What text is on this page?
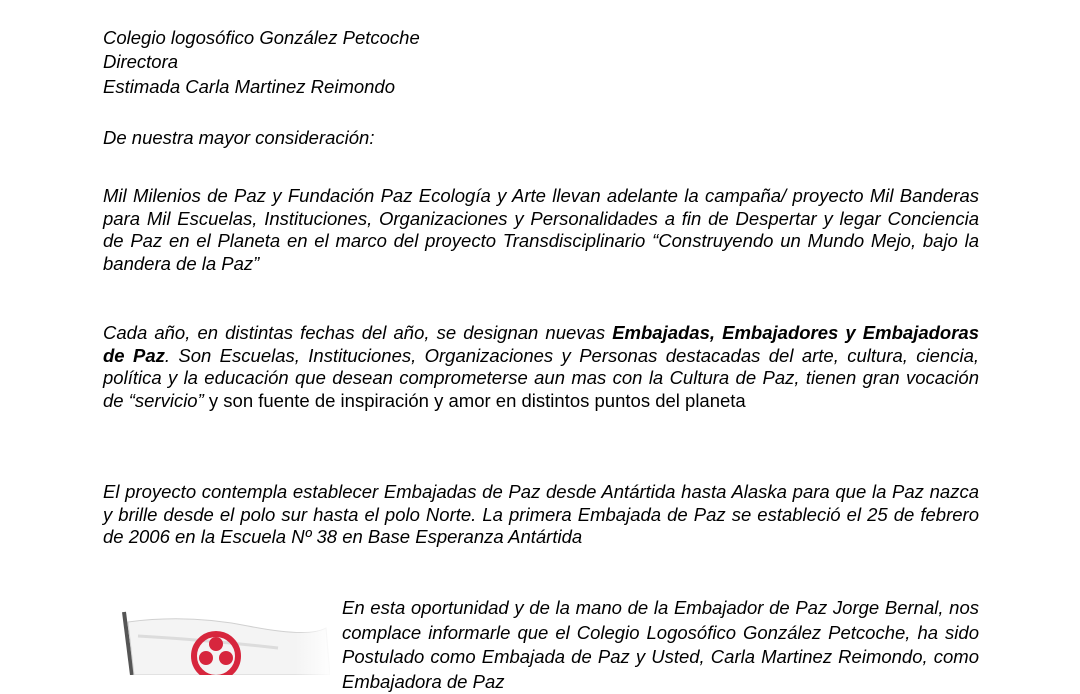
Colegio logosófico González Petcoche
Directora
Estimada Carla Martinez Reimondo
De nuestra mayor consideración:
Mil Milenios de Paz y Fundación Paz Ecología y Arte llevan adelante la campaña/ proyecto Mil Banderas para Mil Escuelas, Instituciones, Organizaciones y Personalidades a fin de Despertar y legar Conciencia de Paz en el Planeta en el marco del proyecto Transdisciplinario “Construyendo un Mundo Mejo, bajo la bandera de la Paz”
Cada año, en distintas fechas del año, se designan nuevas Embajadas, Embajadores y Embajadoras de Paz. Son Escuelas, Instituciones, Organizaciones y Personas destacadas del arte, cultura, ciencia, política y la educación que desean comprometerse aun mas con la Cultura de Paz, tienen gran vocación de “servicio” y son fuente de inspiración y amor en distintos puntos del planeta
El proyecto contempla establecer Embajadas de Paz desde Antártida hasta Alaska para que la Paz nazca y brille desde el polo sur hasta el polo Norte. La primera Embajada de Paz se estableció el 25 de febrero de 2006 en la Escuela Nº 38 en Base Esperanza Antártida
En esta oportunidad y de la mano de la Embajador de Paz Jorge Bernal, nos complace informarle que el Colegio Logosófico González Petcoche, ha sido Postulado como Embajada de Paz y Usted, Carla Martinez Reimondo, como Embajadora de Paz
